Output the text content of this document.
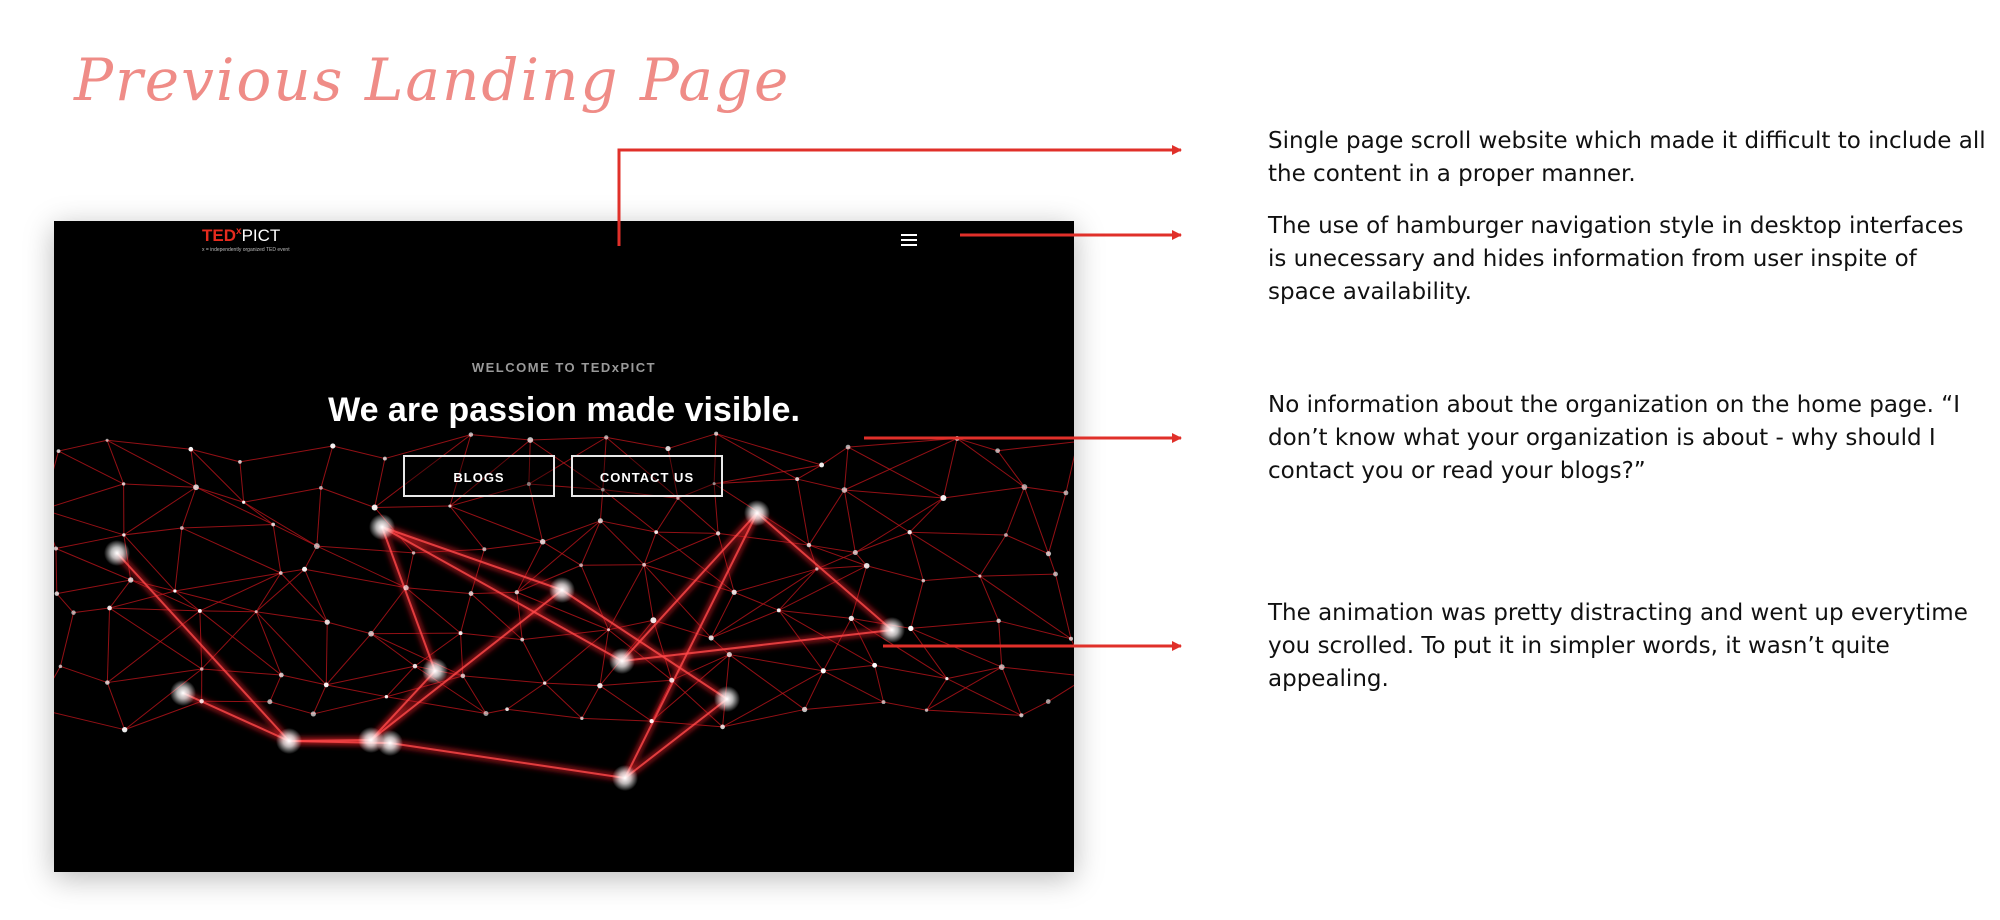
Previous Landing Page
TED$^x$PICT
x = independently organized TED event
WELCOME TO TEDxPICT
We are passion made visible.
BLOGS	CONTACT US
Single page scroll website which made it difficult to include all the content in a proper manner.
The use of hamburger navigation style in desktop interfaces is unecessary and hides information from user inspite of space availability.
No information about the organization on the home page. “I don’t know what your organization is about - why should I contact you or read your blogs?”
The animation was pretty distracting and went up everytime you scrolled. To put it in simpler words, it wasn’t quite appealing.
